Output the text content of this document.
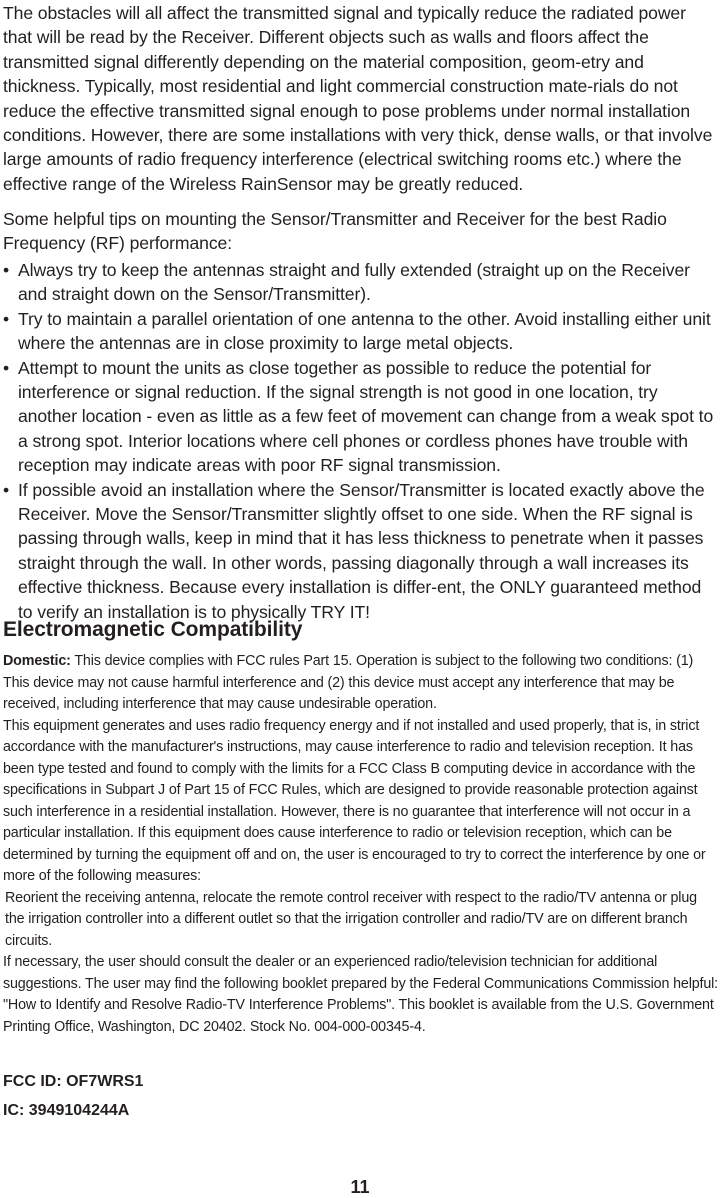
The obstacles will all affect the transmitted signal and typically reduce the radiated power that will be read by the Receiver. Different objects such as walls and floors affect the transmitted signal differently depending on the material composition, geom-etry and thickness. Typically, most residential and light commercial construction mate-rials do not reduce the effective transmitted signal enough to pose problems under normal installation conditions. However, there are some installations with very thick, dense walls, or that involve large amounts of radio frequency interference (electrical switching rooms etc.) where the effective range of the Wireless RainSensor may be greatly reduced.

Some helpful tips on mounting the Sensor/Transmitter and Receiver for the best Radio Frequency (RF) performance:

• Always try to keep the antennas straight and fully extended (straight up on the Receiver and straight down on the Sensor/Transmitter).
• Try to maintain a parallel orientation of one antenna to the other. Avoid installing either unit where the antennas are in close proximity to large metal objects.
• Attempt to mount the units as close together as possible to reduce the potential for interference or signal reduction. If the signal strength is not good in one location, try another location - even as little as a few feet of movement can change from a weak spot to a strong spot. Interior locations where cell phones or cordless phones have trouble with reception may indicate areas with poor RF signal transmission.
• If possible avoid an installation where the Sensor/Transmitter is located exactly above the Receiver. Move the Sensor/Transmitter slightly offset to one side. When the RF signal is passing through walls, keep in mind that it has less thickness to penetrate when it passes straight through the wall. In other words, passing diagonally through a wall increases its effective thickness. Because every installation is differ-ent, the ONLY guaranteed method to verify an installation is to physically TRY IT!
Electromagnetic Compatibility

Domestic: This device complies with FCC rules Part 15. Operation is subject to the following two conditions: (1) This device may not cause harmful interference and (2) this device must accept any interference that may be received, including interference that may cause undesirable operation.

This equipment generates and uses radio frequency energy and if not installed and used properly, that is, in strict accordance with the manufacturer's instructions, may cause interference to radio and television reception. It has been type tested and found to comply with the limits for a FCC Class B computing device in accordance with the specifications in Subpart J of Part 15 of FCC Rules, which are designed to provide reasonable protection against such interference in a residential installation. However, there is no guarantee that interference will not occur in a particular installation. If this equipment does cause interference to radio or television reception, which can be determined by turning the equipment off and on, the user is encouraged to try to correct the interference by one or more of the following measures:

Reorient the receiving antenna, relocate the remote control receiver with respect to the radio/TV antenna or plug the irrigation controller into a different outlet so that the irrigation controller and radio/TV are on different branch circuits.

If necessary, the user should consult the dealer or an experienced radio/television technician for additional suggestions. The user may find the following booklet prepared by the Federal Communications Commission helpful:

"How to Identify and Resolve Radio-TV Interference Problems". This booklet is available from the U.S. Government Printing Office, Washington, DC 20402. Stock No. 004-000-00345-4.

FCC ID: OF7WRS1

IC: 3949104244A

11
